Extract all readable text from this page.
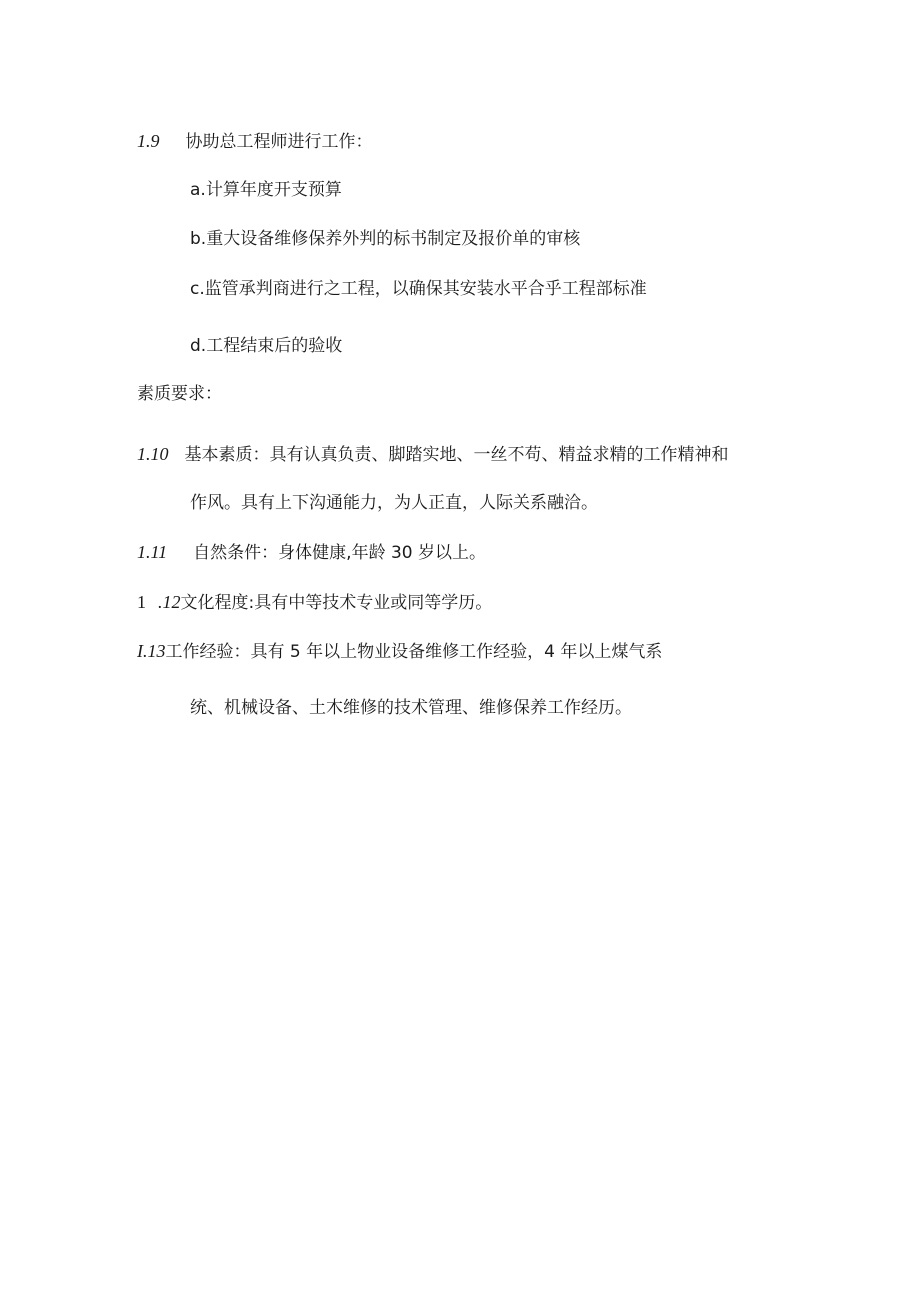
1.9 协助总工程师进行工作：
a.计算年度开支预算
b.重大设备维修保养外判的标书制定及报价单的审核
c.监管承判商进行之工程，以确保其安装水平合乎工程部标准
d.工程结束后的验收
素质要求：
1.10 基本素质：具有认真负责、脚踏实地、一丝不苟、精益求精的工作精神和
作风。具有上下沟通能力，为人正直，人际关系融洽。
1.11 自然条件：身体健康,年龄 30 岁以上。
1 .12文化程度:具有中等技术专业或同等学历。
I.13工作经验：具有 5 年以上物业设备维修工作经验，4 年以上煤气系
统、机械设备、土木维修的技术管理、维修保养工作经历。
